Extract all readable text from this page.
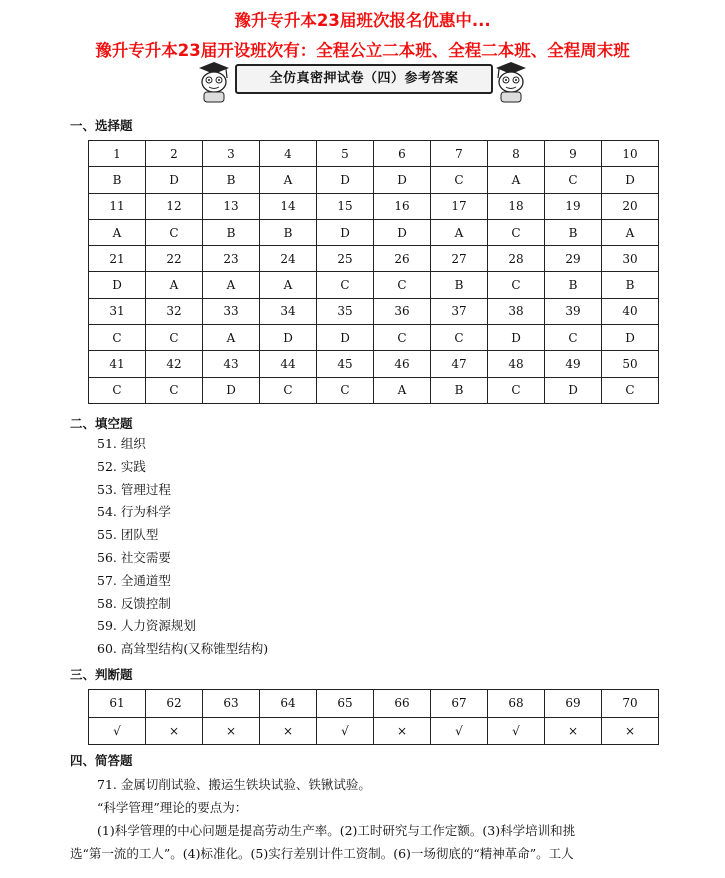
豫升专升本23届班次报名优惠中...
豫升专升本23届开设班次有：全程公立二本班、全程二本班、全程周末班
全仿真密押试卷（四）参考答案
一、选择题
1	2	3	4	5	6	7	8	9	10
B	D	B	A	D	D	C	A	C	D
11	12	13	14	15	16	17	18	19	20
A	C	B	B	D	D	A	C	B	A
21	22	23	24	25	26	27	28	29	30
D	A	A	A	C	C	B	C	B	B
31	32	33	34	35	36	37	38	39	40
C	C	A	D	D	C	C	D	C	D
41	42	43	44	45	46	47	48	49	50
C	C	D	C	C	A	B	C	D	C
二、填空题
51. 组织
52. 实践
53. 管理过程
54. 行为科学
55. 团队型
56. 社交需要
57. 全通道型
58. 反馈控制
59. 人力资源规划
60. 高耸型结构(又称锥型结构)
三、判断题
61	62	63	64	65	66	67	68	69	70
√	×	×	×	√	×	√	√	×	×
四、简答题
71. 金属切削试验、搬运生铁块试验、铁锹试验。
“科学管理”理论的要点为：
(1)科学管理的中心问题是提高劳动生产率。(2)工时研究与工作定额。(3)科学培训和挑
选“第一流的工人”。(4)标准化。(5)实行差别计件工资制。(6)一场彻底的“精神革命”。工人
